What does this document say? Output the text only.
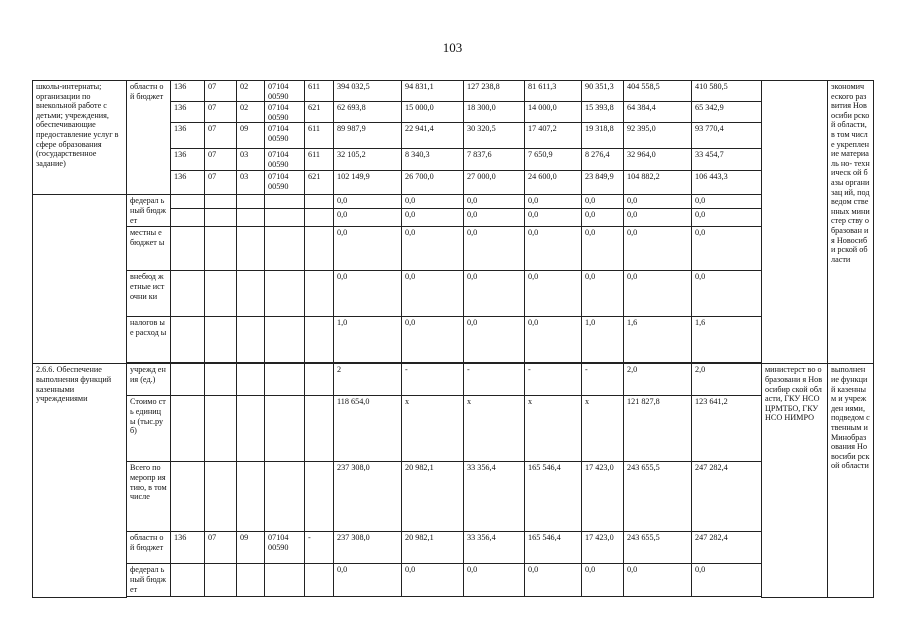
103
школы-интернаты; организации по внекольной работе с детьми; учреждения, обеспечивающие предоставление услуг в сфере образования (государственное задание)	областн ой бюджет	136	07	02	07104 00590	611	394 032,5	94 831,1	127 238,8	81 611,3	90 351,3	404 558,5	410 580,5			экономич еского развития Новосиби рской области, в том числе укреплен ие материаль но- техническ ой базы организац ий, подведом ственных министер ству образован ия Новосиби рской области
		136	07	02	07104 00590	621	62 693,8	15 000,0	18 300,0	14 000,0	15 393,8	64 384,4	65 342,9			
		136	07	09	07104 00590	611	89 987,9	22 941,4	30 320,5	17 407,2	19 318,8	92 395,0	93 770,4			
		136	07	03	07104 00590	611	32 105,2	8 340,3	7 837,6	7 650,9	8 276,4	32 964,0	33 454,7			
		136	07	03	07104 00590	621	102 149,9	26 700,0	27 000,0	24 600,0	23 849,9	104 882,2	106 443,3			
	федерал ьный бюджет						0,0	0,0	0,0	0,0	0,0	0,0	0,0			
							0,0	0,0	0,0	0,0	0,0	0,0	0,0			
	местны е бюджет ы						0,0	0,0	0,0	0,0	0,0	0,0	0,0			
	внебюд жетные источни ки						0,0	0,0	0,0	0,0	0,0	0,0	0,0			
	налогов ые расход ы						1,0	0,0	0,0	0,0	1,0	1,6	1,6			

2.6.6. Обеспечение выполнения функций казенными учреждениями	учрежд ения (ед.)						2	-	-	-	-	2,0	2,0	министерст во образовани я Новосибир ской области, ГКУ НСО ЦРМТБО, ГКУ НСО НИМРО		выполнен ие функций казенным и учрежден иями, подведом ственным и Минобраз ования Новосиби рской области
	Стоимо сть единиц ы (тыс.ру б)						118 654,0	x	x	x	x	121 827,8	123 641,2			
	Всего по меропр иятию, в том числе						237 308,0	20 982,1	33 356,4	165 546,4	17 423,0	243 655,5	247 282,4			
	областн ой бюджет	136	07	09	07104 00590	-	237 308,0	20 982,1	33 356,4	165 546,4	17 423,0	243 655,5	247 282,4			
	федерал ьный бюджет						0,0	0,0	0,0	0,0	0,0	0,0	0,0			
